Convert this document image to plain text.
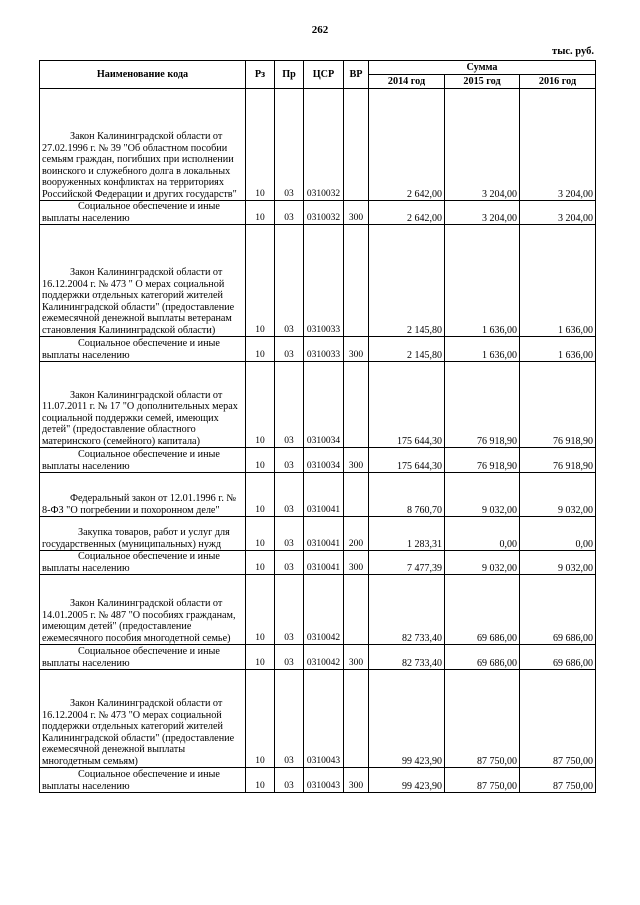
262
тыс. руб.
Наименование кода	Рз	Пр	ЦСР	ВР	Сумма		
					2014 год	2015 год	2016 год
Закон Калининградской области от 27.02.1996 г. № 39 "Об областном пособии семьям граждан, погибших при исполнении воинского и служебного долга в локальных вооруженных конфликтах на территориях Российской Федерации и других государств"	10	03	0310032		2 642,00	3 204,00	3 204,00
Социальное обеспечение и иные выплаты населению	10	03	0310032	300	2 642,00	3 204,00	3 204,00
Закон Калининградской области от 16.12.2004 г. № 473 " О мерах социальной поддержки отдельных категорий жителей Калининградской области" (предоставление ежемесячной денежной выплаты ветеранам становления Калининградской области)	10	03	0310033		2 145,80	1 636,00	1 636,00
Социальное обеспечение и иные выплаты населению	10	03	0310033	300	2 145,80	1 636,00	1 636,00
Закон Калининградской области от 11.07.2011 г. № 17 "О дополнительных мерах социальной поддержки семей, имеющих детей" (предоставление областного материнского (семейного) капитала)	10	03	0310034		175 644,30	76 918,90	76 918,90
Социальное обеспечение и иные выплаты населению	10	03	0310034	300	175 644,30	76 918,90	76 918,90
Федеральный закон от 12.01.1996 г. № 8-ФЗ "О погребении и похоронном деле"	10	03	0310041		8 760,70	9 032,00	9 032,00
Закупка товаров, работ и услуг для государственных (муниципальных) нужд	10	03	0310041	200	1 283,31	0,00	0,00
Социальное обеспечение и иные выплаты населению	10	03	0310041	300	7 477,39	9 032,00	9 032,00
Закон Калининградской области от 14.01.2005 г. № 487 "О пособиях гражданам, имеющим детей" (предоставление ежемесячного пособия многодетной семье)	10	03	0310042		82 733,40	69 686,00	69 686,00
Социальное обеспечение и иные выплаты населению	10	03	0310042	300	82 733,40	69 686,00	69 686,00
Закон Калининградской области от 16.12.2004 г. № 473 "О мерах социальной поддержки отдельных категорий жителей Калининградской области" (предоставление ежемесячной денежной выплаты многодетным семьям)	10	03	0310043		99 423,90	87 750,00	87 750,00
Социальное обеспечение и иные выплаты населению	10	03	0310043	300	99 423,90	87 750,00	87 750,00
